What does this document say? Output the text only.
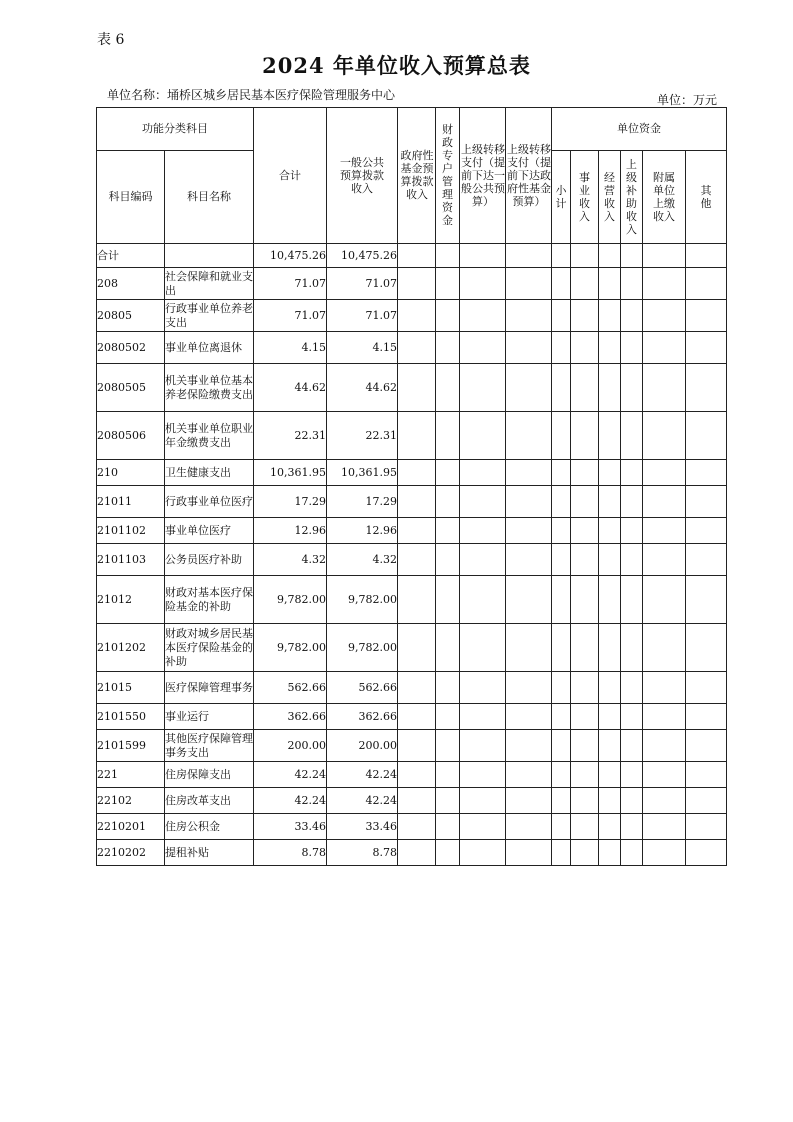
表 6
2024 年单位收入预算总表
单位名称：埇桥区城乡居民基本医疗保险管理服务中心	单位：万元
功能分类科目		合计	一般公共预算拨款收入	政府性基金预算拨款收入	财政专户管理资金	上级转移支付（提前下达一般公共预算）	上级转移支付（提前下达政府性基金预算）	单位资金					
科目编码	科目名称							小计	事业收入	经营收入	上级补助收入	附属单位上缴收入	其他
合计		10,475.26	10,475.26										
208	社会保障和就业支出	71.07	71.07										
20805	行政事业单位养老支出	71.07	71.07										
2080502	事业单位离退休	4.15	4.15										
2080505	机关事业单位基本养老保险缴费支出	44.62	44.62										
2080506	机关事业单位职业年金缴费支出	22.31	22.31										
210	卫生健康支出	10,361.95	10,361.95										
21011	行政事业单位医疗	17.29	17.29										
2101102	事业单位医疗	12.96	12.96										
2101103	公务员医疗补助	4.32	4.32										
21012	财政对基本医疗保险基金的补助	9,782.00	9,782.00										
2101202	财政对城乡居民基本医疗保险基金的补助	9,782.00	9,782.00										
21015	医疗保障管理事务	562.66	562.66										
2101550	事业运行	362.66	362.66										
2101599	其他医疗保障管理事务支出	200.00	200.00										
221	住房保障支出	42.24	42.24										
22102	住房改革支出	42.24	42.24										
2210201	住房公积金	33.46	33.46										
2210202	提租补贴	8.78	8.78										
